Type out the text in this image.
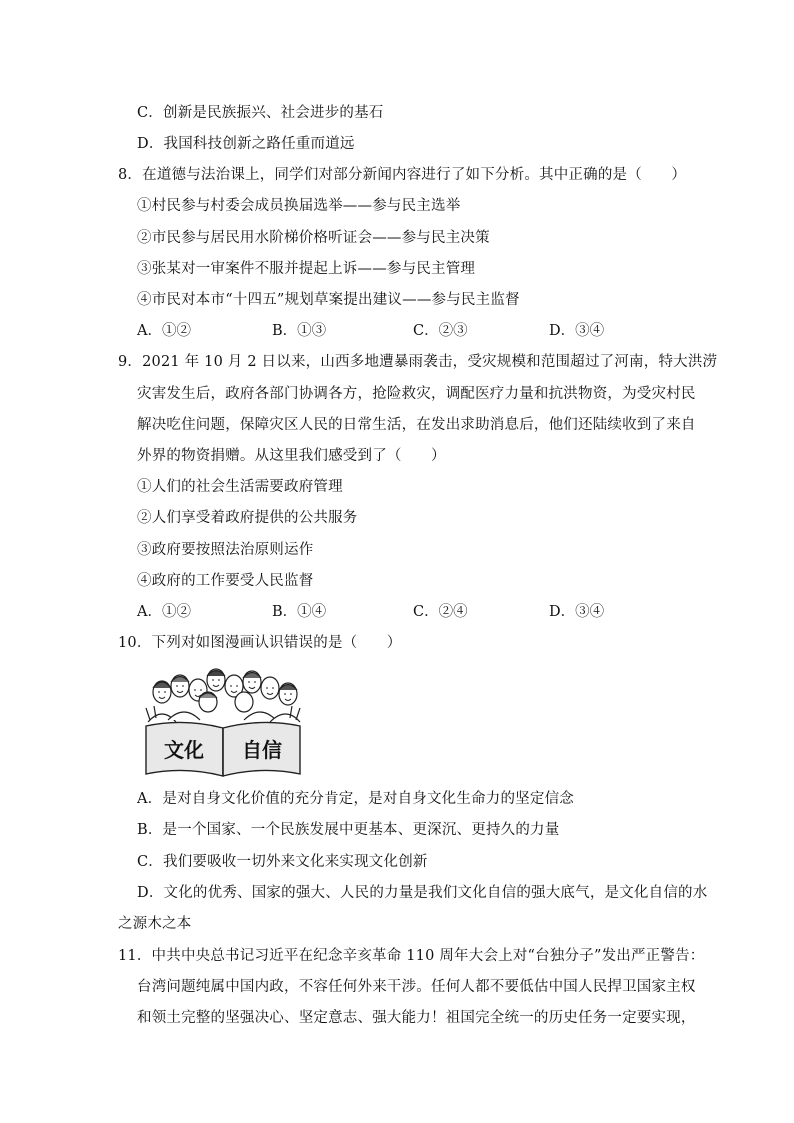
C．创新是民族振兴、社会进步的基石
D．我国科技创新之路任重而道远
8．在道德与法治课上，同学们对部分新闻内容进行了如下分析。其中正确的是（　　）
①村民参与村委会成员换届选举——参与民主选举
②市民参与居民用水阶梯价格听证会——参与民主决策
③张某对一审案件不服并提起上诉——参与民主管理
④市民对本市“十四五”规划草案提出建议——参与民主监督
A．①②	B．①③	C．②③	D．③④
9．2021 年 10 月 2 日以来，山西多地遭暴雨袭击，受灾规模和范围超过了河南，特大洪涝
灾害发生后，政府各部门协调各方，抢险救灾，调配医疗力量和抗洪物资，为受灾村民
解决吃住问题，保障灾区人民的日常生活，在发出求助消息后，他们还陆续收到了来自
外界的物资捐赠。从这里我们感受到了（　　）
①人们的社会生活需要政府管理
②人们享受着政府提供的公共服务
③政府要按照法治原则运作
④政府的工作要受人民监督
A．①②	B．①④	C．②④	D．③④
10．下列对如图漫画认识错误的是（　　）
文化 自信
A．是对自身文化价值的充分肯定，是对自身文化生命力的坚定信念
B．是一个国家、一个民族发展中更基本、更深沉、更持久的力量
C．我们要吸收一切外来文化来实现文化创新
D．文化的优秀、国家的强大、人民的力量是我们文化自信的强大底气，是文化自信的水
之源木之本
11．中共中央总书记习近平在纪念辛亥革命 110 周年大会上对“台独分子”发出严正警告：
台湾问题纯属中国内政，不容任何外来干涉。任何人都不要低估中国人民捍卫国家主权
和领土完整的坚强决心、坚定意志、强大能力！祖国完全统一的历史任务一定要实现，
